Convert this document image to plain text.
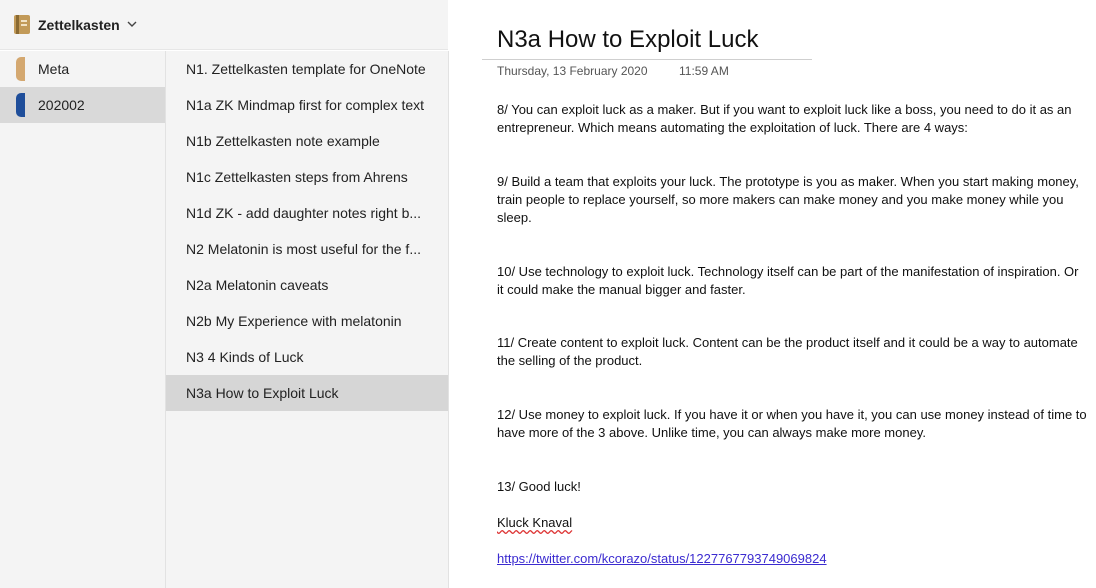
Zettelkasten
Meta
202002
N1. Zettelkasten template for OneNote
N1a ZK Mindmap first for complex text
N1b Zettelkasten note example
N1c Zettelkasten steps from Ahrens
N1d ZK - add daughter notes right b...
N2 Melatonin is most useful for the f...
N2a Melatonin caveats
N2b My Experience with melatonin
N3 4 Kinds of Luck
N3a How to Exploit Luck
N3a How to Exploit Luck
Thursday, 13 February 2020	11:59 AM
8/ You can exploit luck as a maker. But if you want to exploit luck like a boss, you need to do it as an entrepreneur. Which means automating the exploitation of luck. There are 4 ways:
9/ Build a team that exploits your luck. The prototype is you as maker. When you start making money, train people to replace yourself, so more makers can make money and you make money while you sleep.
10/ Use technology to exploit luck. Technology itself can be part of the manifestation of inspiration. Or it could make the manual bigger and faster.
11/ Create content to exploit luck. Content can be the product itself and it could be a way to automate the selling of the product.
12/ Use money to exploit luck. If you have it or when you have it, you can use money instead of time to have more of the 3 above. Unlike time, you can always make more money.
13/ Good luck!
Kluck Knaval
https://twitter.com/kcorazo/status/1227767793749069824
